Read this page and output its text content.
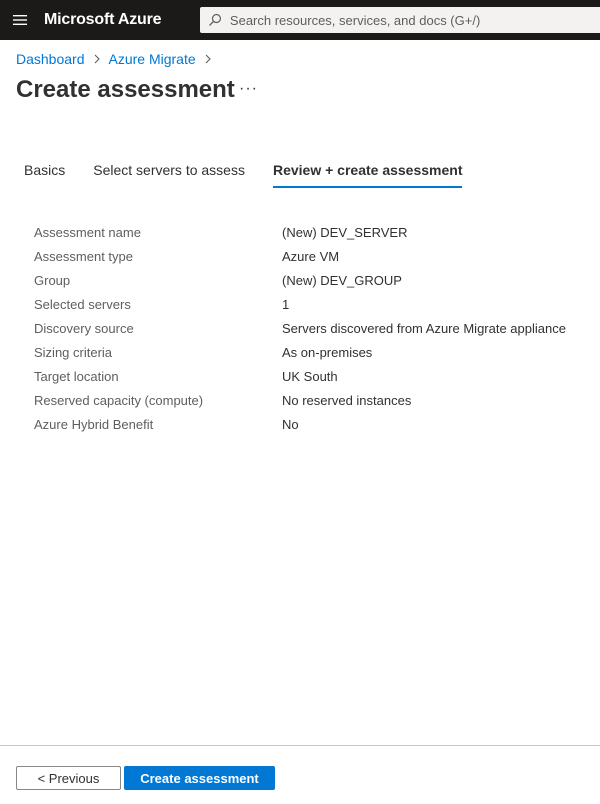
Microsoft Azure
Search resources, services, and docs (G+/)
Dashboard Azure Migrate
Create assessment ···
Basics Select servers to assess Review + create assessment
Assessment name	(New) DEV_SERVER
Assessment type	Azure VM
Group	(New) DEV_GROUP
Selected servers	1
Discovery source	Servers discovered from Azure Migrate appliance
Sizing criteria	As on-premises
Target location	UK South
Reserved capacity (compute)	No reserved instances
Azure Hybrid Benefit	No
< Previous	Create assessment
